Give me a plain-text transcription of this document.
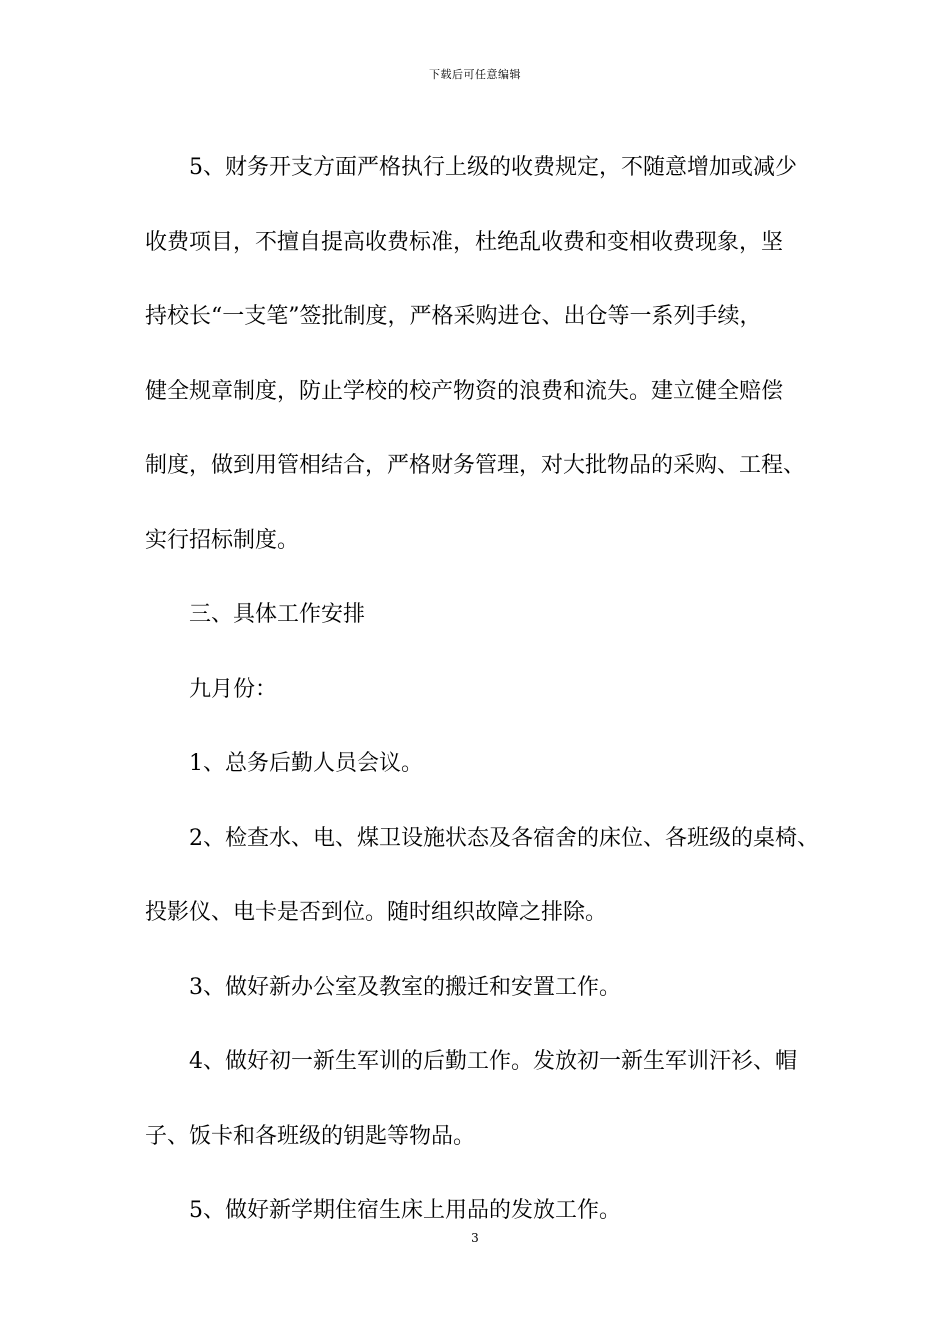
下载后可任意编辑
5、财务开支方面严格执行上级的收费规定，不随意增加或减少
收费项目，不擅自提高收费标准，杜绝乱收费和变相收费现象，坚
持校长“一支笔”签批制度，严格采购进仓、出仓等一系列手续，
健全规章制度，防止学校的校产物资的浪费和流失。建立健全赔偿
制度，做到用管相结合，严格财务管理，对大批物品的采购、工程、
实行招标制度。
三、具体工作安排
九月份：
1、总务后勤人员会议。
2、检查水、电、煤卫设施状态及各宿舍的床位、各班级的桌椅、
投影仪、电卡是否到位。随时组织故障之排除。
3、做好新办公室及教室的搬迁和安置工作。
4、做好初一新生军训的后勤工作。发放初一新生军训汗衫、帽
子、饭卡和各班级的钥匙等物品。
5、做好新学期住宿生床上用品的发放工作。
3
